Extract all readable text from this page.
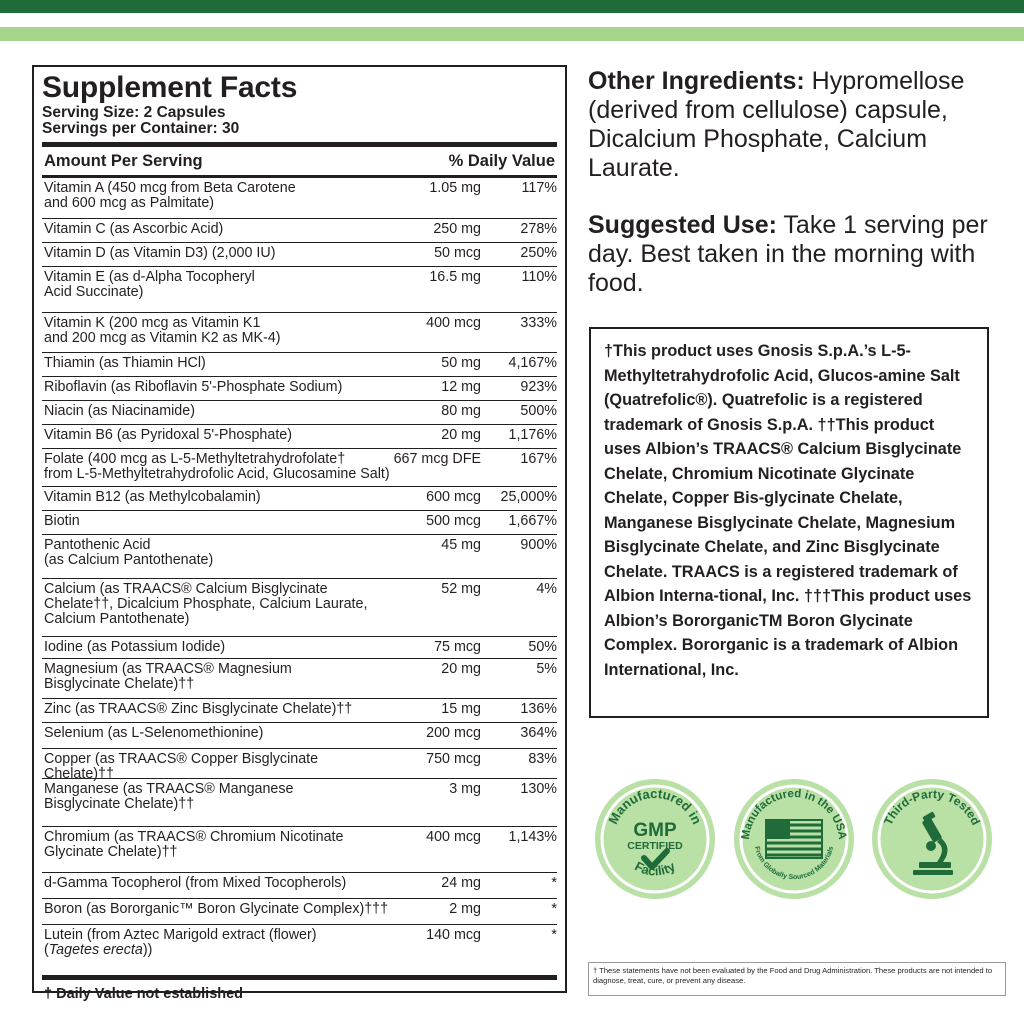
Supplement Facts
Serving Size: 2 Capsules
Servings per Container: 30
Amount Per Serving	% Daily Value
Vitamin A (450 mcg from Beta Carotene
and 600 mcg as Palmitate)
1.05 mg	117%
Vitamin C (as Ascorbic Acid)	250 mg	278%
Vitamin D (as Vitamin D3) (2,000 IU)	50 mcg	250%
Vitamin E (as d-Alpha Tocopheryl
Acid Succinate)
16.5 mg	110%
Vitamin K (200 mcg as Vitamin K1
and 200 mcg as Vitamin K2 as MK-4)
400 mcg	333%
Thiamin (as Thiamin HCl)	50 mg	4,167%
Riboflavin (as Riboflavin 5'-Phosphate Sodium)	12 mg	923%
Niacin (as Niacinamide)	80 mg	500%
Vitamin B6 (as Pyridoxal 5'-Phosphate)	20 mg	1,176%
Folate (400 mcg as L-5-Methyltetrahydrofolate†
from L-5-Methyltetrahydrofolic Acid, Glucosamine Salt)
667 mcg DFE	167%
Vitamin B12 (as Methylcobalamin)	600 mcg	25,000%
Biotin	500 mcg	1,667%
Pantothenic Acid
(as Calcium Pantothenate)
45 mg	900%
Calcium (as TRAACS® Calcium Bisglycinate
Chelate††, Dicalcium Phosphate, Calcium Laurate,
Calcium Pantothenate)
52 mg	4%
Iodine (as Potassium Iodide)	75 mcg	50%
Magnesium (as TRAACS® Magnesium
Bisglycinate Chelate)††
20 mg	5%
Zinc (as TRAACS® Zinc Bisglycinate Chelate)††	15 mg	136%
Selenium (as L-Selenomethionine)	200 mcg	364%
Copper (as TRAACS® Copper Bisglycinate Chelate)††
750 mcg	83%
Manganese (as TRAACS® Manganese
Bisglycinate Chelate)††
3 mg	130%
Chromium (as TRAACS® Chromium Nicotinate
Glycinate Chelate)††
400 mcg	1,143%
d-Gamma Tocopherol (from Mixed Tocopherols)	24 mg	*
Boron (as Bororganic™ Boron Glycinate Complex)†††	2 mg	*
Lutein (from Aztec Marigold extract (flower)
(Tagetes erecta))
140 mcg	*
† Daily Value not established
Other Ingredients: Hypromellose (derived from cellulose) capsule, Dicalcium Phosphate, Calcium Laurate.
Suggested Use: Take 1 serving per day. Best taken in the morning with food.
†This product uses Gnosis S.p.A.’s L-5-Methyltetrahydrofolic Acid, Glucos-amine Salt (Quatrefolic®). Quatrefolic is a registered trademark of Gnosis S.p.A. ††This product uses Albion’s TRAACS® Calcium Bisglycinate Chelate, Chromium Nicotinate Glycinate Chelate, Copper Bis-glycinate Chelate, Manganese Bisglycinate Chelate, Magnesium Bisglycinate Chelate, and Zinc Bisglycinate Chelate. TRAACS is a registered trademark of Albion Interna-tional, Inc. †††This product uses Albion’s BororganicTM Boron Glycinate Complex. Bororganic is a trademark of Albion International, Inc.
Manufactured in
GMP
CERTIFIED
Facility
Manufactured in the USA
From Globally Sourced Materials
Third-Party Tested
† These statements have not been evaluated by the Food and Drug Administration. These products are not intended to diagnose, treat, cure, or prevent any disease.
